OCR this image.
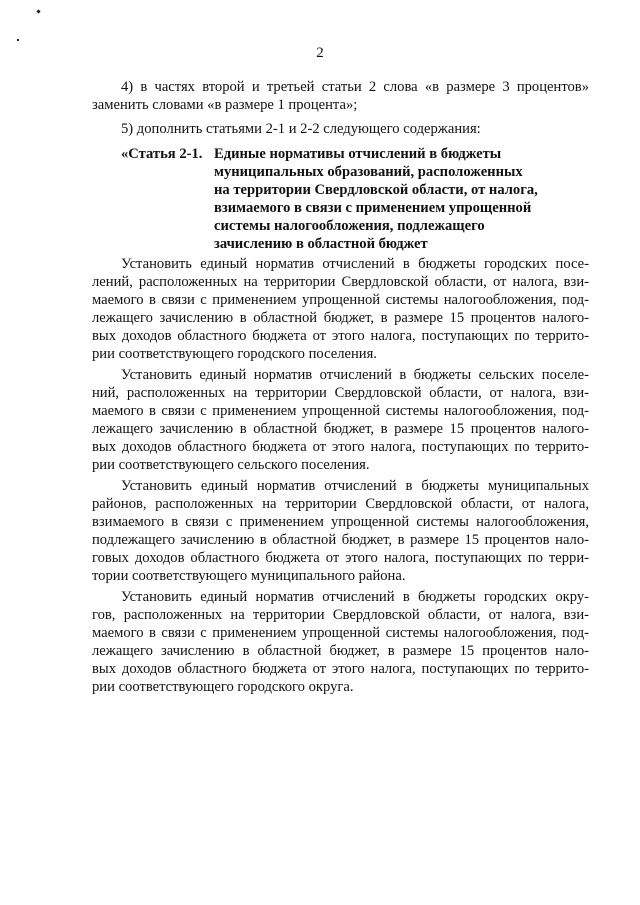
2
4) в частях второй и третьей статьи 2 слова «в размере 3 процентов»
заменить словами «в размере 1 процента»;
5) дополнить статьями 2-1 и 2-2 следующего содержания:
«Статья 2-1. Единые нормативы отчислений в бюджеты
муниципальных образований, расположенных
на территории Свердловской области, от налога,
взимаемого в связи с применением упрощенной
системы налогообложения, подлежащего
зачислению в областной бюджет
Установить единый норматив отчислений в бюджеты городских посе-
лений, расположенных на территории Свердловской области, от налога, взи-
маемого в связи с применением упрощенной системы налогообложения, под-
лежащего зачислению в областной бюджет, в размере 15 процентов налого-
вых доходов областного бюджета от этого налога, поступающих по террито-
рии соответствующего городского поселения.
Установить единый норматив отчислений в бюджеты сельских поселе-
ний, расположенных на территории Свердловской области, от налога, взи-
маемого в связи с применением упрощенной системы налогообложения, под-
лежащего зачислению в областной бюджет, в размере 15 процентов налого-
вых доходов областного бюджета от этого налога, поступающих по террито-
рии соответствующего сельского поселения.
Установить единый норматив отчислений в бюджеты муниципальных
районов, расположенных на территории Свердловской области, от налога,
взимаемого в связи с применением упрощенной системы налогообложения,
подлежащего зачислению в областной бюджет, в размере 15 процентов нало-
говых доходов областного бюджета от этого налога, поступающих по терри-
тории соответствующего муниципального района.
Установить единый норматив отчислений в бюджеты городских окру-
гов, расположенных на территории Свердловской области, от налога, взи-
маемого в связи с применением упрощенной системы налогообложения, под-
лежащего зачислению в областной бюджет, в размере 15 процентов нало-
вых доходов областного бюджета от этого налога, поступающих по террито-
рии соответствующего городского округа.
